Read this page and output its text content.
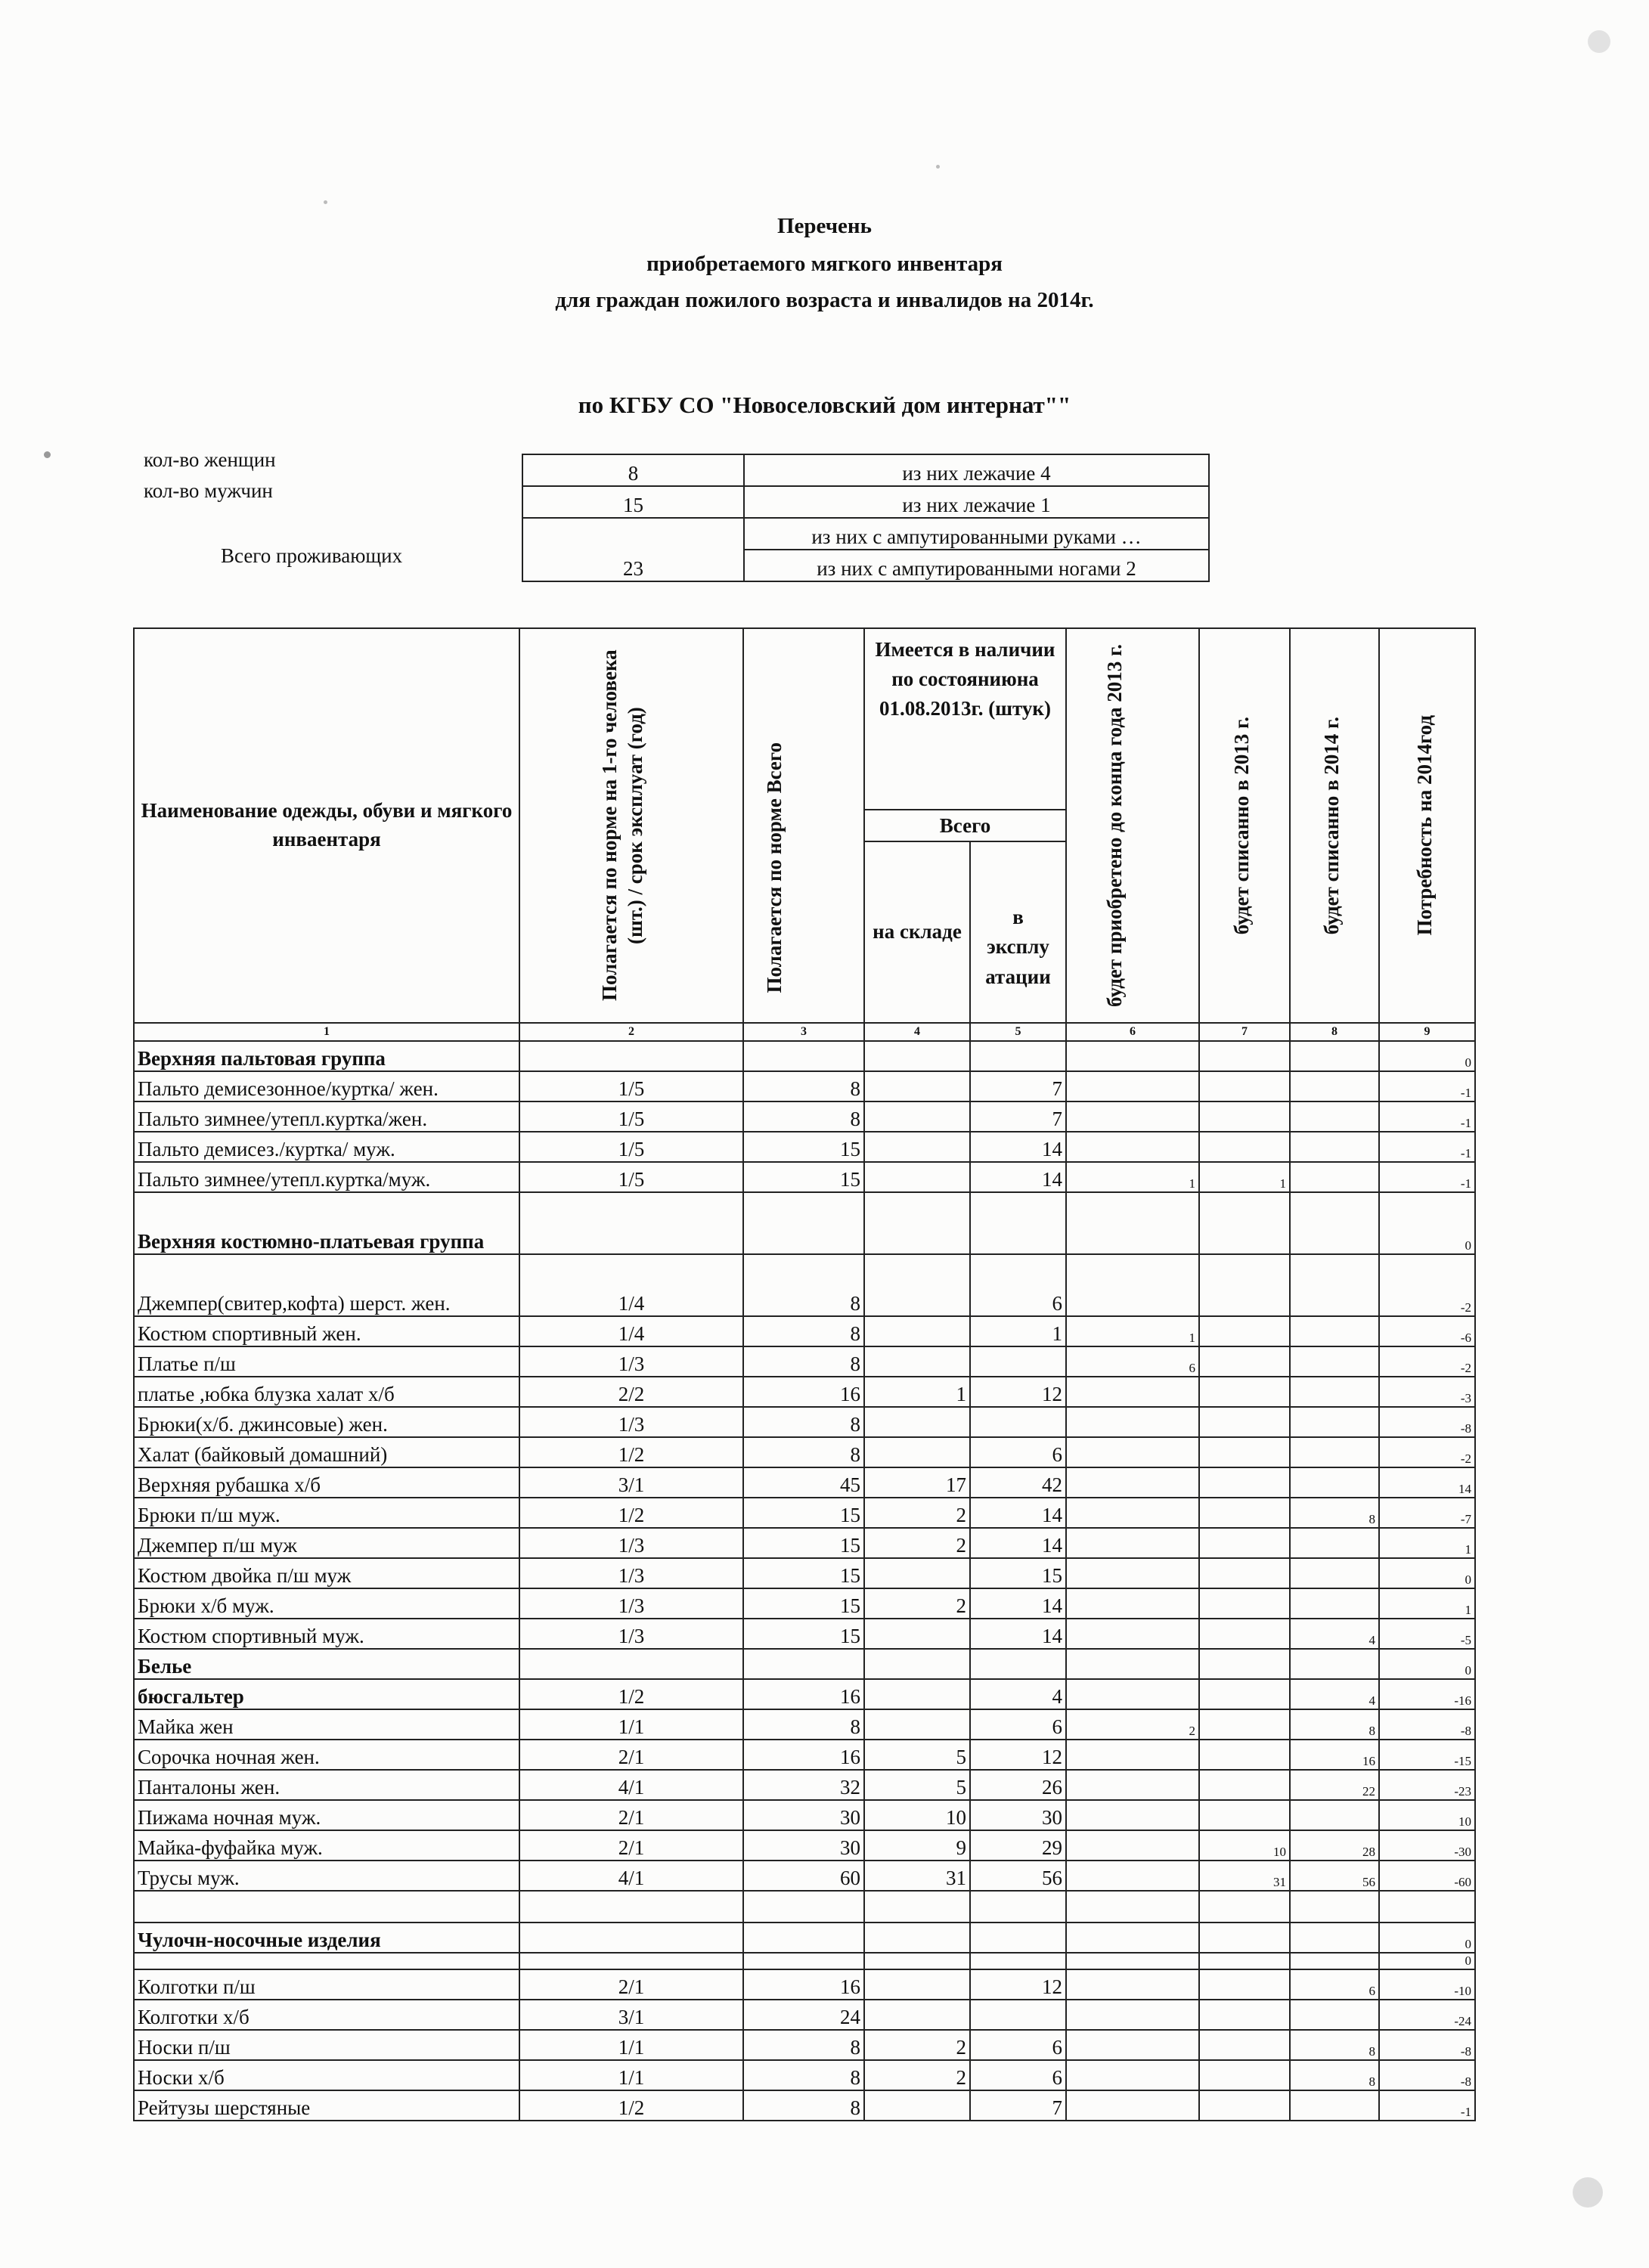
Перечень
приобретаемого мягкого инвентаря
для граждан пожилого возраста и инвалидов на 2014г.
по КГБУ СО "Новоселовский дом интернат""
кол-во женщин
кол-во мужчин
Всего проживающих
8	из них лежачие 4
15	из них лежачие 1
23	из них с ампутированными руками …
	из них с ампутированными ногами 2
Наименование одежды, обуви и мягкого инваентаря	Полагается по норме на 1-го человека (шт.) / срок эксплуат (год)	Полагается по норме Всего	Имеется в наличии по состояниюна 01.08.2013г. (штук)		будет приобретено до конца года 2013 г.	будет списанно в 2013 г.	будет списанно в 2014 г.	Потребность на 2014год

			Всего					
			на складе	в
эксплу
атации				
1	2	3	4	5	6	7	8	9
Верхняя пальтовая группа								0
Пальто демисезонное/куртка/ жен.	1/5	8		7				-1
Пальто зимнее/утепл.куртка/жен.	1/5	8		7				-1
Пальто демисез./куртка/ муж.	1/5	15		14				-1
Пальто зимнее/утепл.куртка/муж.	1/5	15		14	1	1		-1
Верхняя костюмно-платьевая группа								0
Джемпер(свитер,кофта) шерст. жен.	1/4	8		6				-2
Костюм спортивный жен.	1/4	8		1	1			-6
Платье п/ш	1/3	8			6			-2
платье ,юбка блузка халат х/б	2/2	16	1	12				-3
Брюки(х/б. джинсовые) жен.	1/3	8						-8
Халат (байковый домашний)	1/2	8		6				-2
Верхняя рубашка х/б	3/1	45	17	42				14
Брюки п/ш муж.	1/2	15	2	14			8	-7
Джемпер п/ш муж	1/3	15	2	14				1
Костюм двойка п/ш муж	1/3	15		15				0
Брюки х/б муж.	1/3	15	2	14				1
Костюм спортивный муж.	1/3	15		14			4	-5
Белье								0
бюсгальтер	1/2	16		4			4	-16
Майка жен	1/1	8		6	2		8	-8
Сорочка ночная жен.	2/1	16	5	12			16	-15
Панталоны жен.	4/1	32	5	26			22	-23
Пижама ночная муж.	2/1	30	10	30				10
Майка-фуфайка муж.	2/1	30	9	29		10	28	-30
Трусы муж.	4/1	60	31	56		31	56	-60

Чулочн-носочные изделия								0
								0
Колготки п/ш	2/1	16		12			6	-10
Колготки х/б	3/1	24						-24
Носки п/ш	1/1	8	2	6			8	-8
Носки х/б	1/1	8	2	6			8	-8
Рейтузы шерстяные	1/2	8		7				-1
